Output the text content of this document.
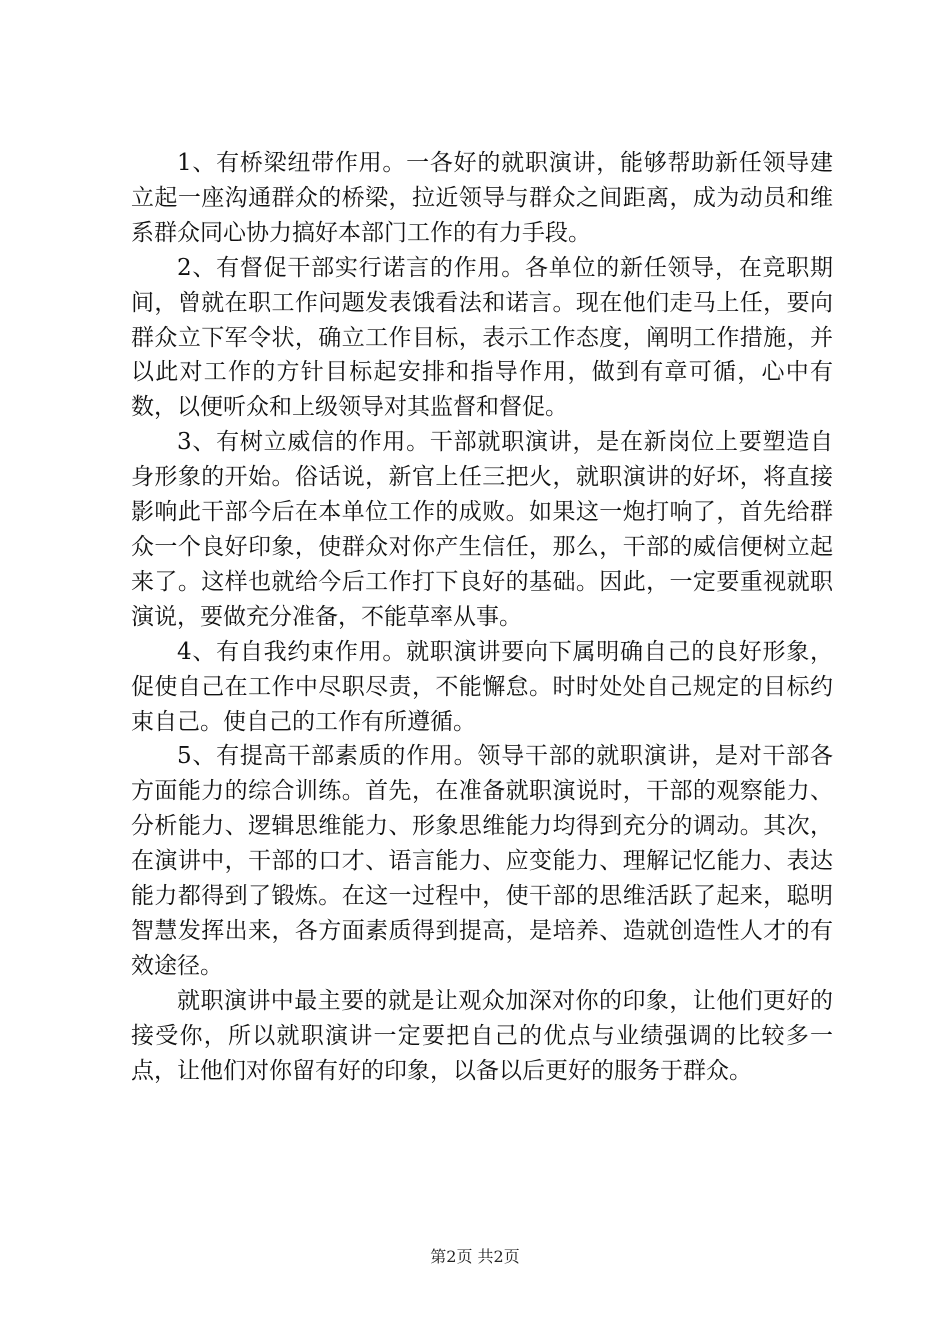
1、有桥梁纽带作用。一各好的就职演讲，能够帮助新任领导建立起一座沟通群众的桥梁，拉近领导与群众之间距离，成为动员和维系群众同心协力搞好本部门工作的有力手段。

2、有督促干部实行诺言的作用。各单位的新任领导，在竞职期间，曾就在职工作问题发表饿看法和诺言。现在他们走马上任，要向群众立下军令状，确立工作目标，表示工作态度，阐明工作措施，并以此对工作的方针目标起安排和指导作用，做到有章可循，心中有数，以便听众和上级领导对其监督和督促。

3、有树立威信的作用。干部就职演讲，是在新岗位上要塑造自身形象的开始。俗话说，新官上任三把火，就职演讲的好坏，将直接影响此干部今后在本单位工作的成败。如果这一炮打响了，首先给群众一个良好印象，使群众对你产生信任，那么，干部的威信便树立起来了。这样也就给今后工作打下良好的基础。因此，一定要重视就职演说，要做充分准备，不能草率从事。

4、有自我约束作用。就职演讲要向下属明确自己的良好形象，促使自己在工作中尽职尽责，不能懈怠。时时处处自己规定的目标约束自己。使自己的工作有所遵循。

5、有提高干部素质的作用。领导干部的就职演讲，是对干部各方面能力的综合训练。首先，在准备就职演说时，干部的观察能力、分析能力、逻辑思维能力、形象思维能力均得到充分的调动。其次，在演讲中，干部的口才、语言能力、应变能力、理解记忆能力、表达能力都得到了锻炼。在这一过程中，使干部的思维活跃了起来，聪明智慧发挥出来，各方面素质得到提高，是培养、造就创造性人才的有效途径。

就职演讲中最主要的就是让观众加深对你的印象，让他们更好的接受你，所以就职演讲一定要把自己的优点与业绩强调的比较多一点，让他们对你留有好的印象，以备以后更好的服务于群众。

第2页 共2页
